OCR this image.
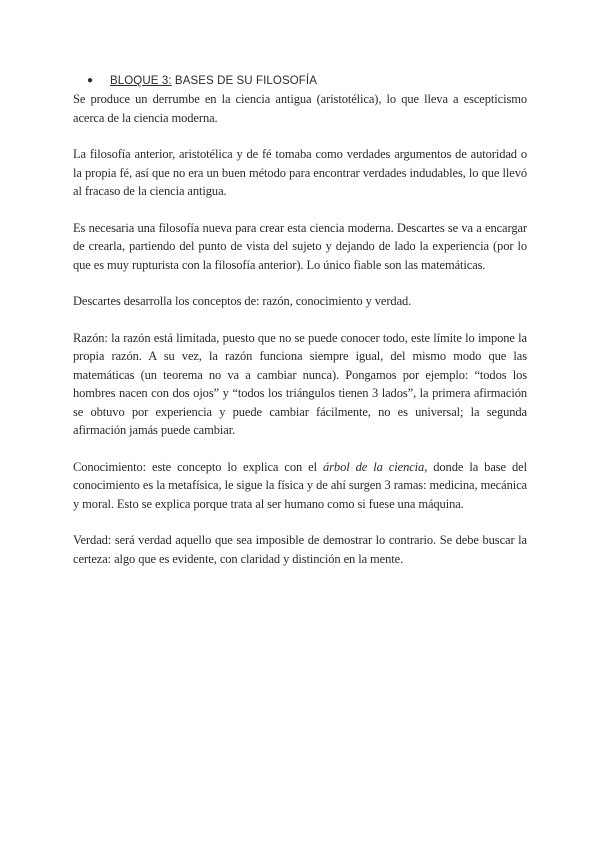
● BLOQUE 3: BASES DE SU FILOSOFÍA

Se produce un derrumbe en la ciencia antigua (aristotélica), lo que lleva a escepticismo acerca de la ciencia moderna.

La filosofía anterior, aristotélica y de fé tomaba como verdades argumentos de autoridad o la propia fé, así que no era un buen método para encontrar verdades indudables, lo que llevó al fracaso de la ciencia antigua.

Es necesaria una filosofía nueva para crear esta ciencia moderna. Descartes se va a encargar de crearla, partiendo del punto de vista del sujeto y dejando de lado la experiencia (por lo que es muy rupturista con la filosofía anterior). Lo único fiable son las matemáticas.

Descartes desarrolla los conceptos de: razón, conocimiento y verdad.

Razón: la razón está limitada, puesto que no se puede conocer todo, este límite lo impone la propia razón. A su vez, la razón funciona siempre igual, del mismo modo que las matemáticas (un teorema no va a cambiar nunca). Pongamos por ejemplo: “todos los hombres nacen con dos ojos” y “todos los triángulos tienen 3 lados”, la primera afirmación se obtuvo por experiencia y puede cambiar fácilmente, no es universal; la segunda afirmación jamás puede cambiar.

Conocimiento: este concepto lo explica con el árbol de la ciencia, donde la base del conocimiento es la metafísica, le sigue la física y de ahí surgen 3 ramas: medicina, mecánica y moral. Esto se explica porque trata al ser humano como si fuese una máquina.

Verdad: será verdad aquello que sea imposible de demostrar lo contrario. Se debe buscar la certeza: algo que es evidente, con claridad y distinción en la mente.
